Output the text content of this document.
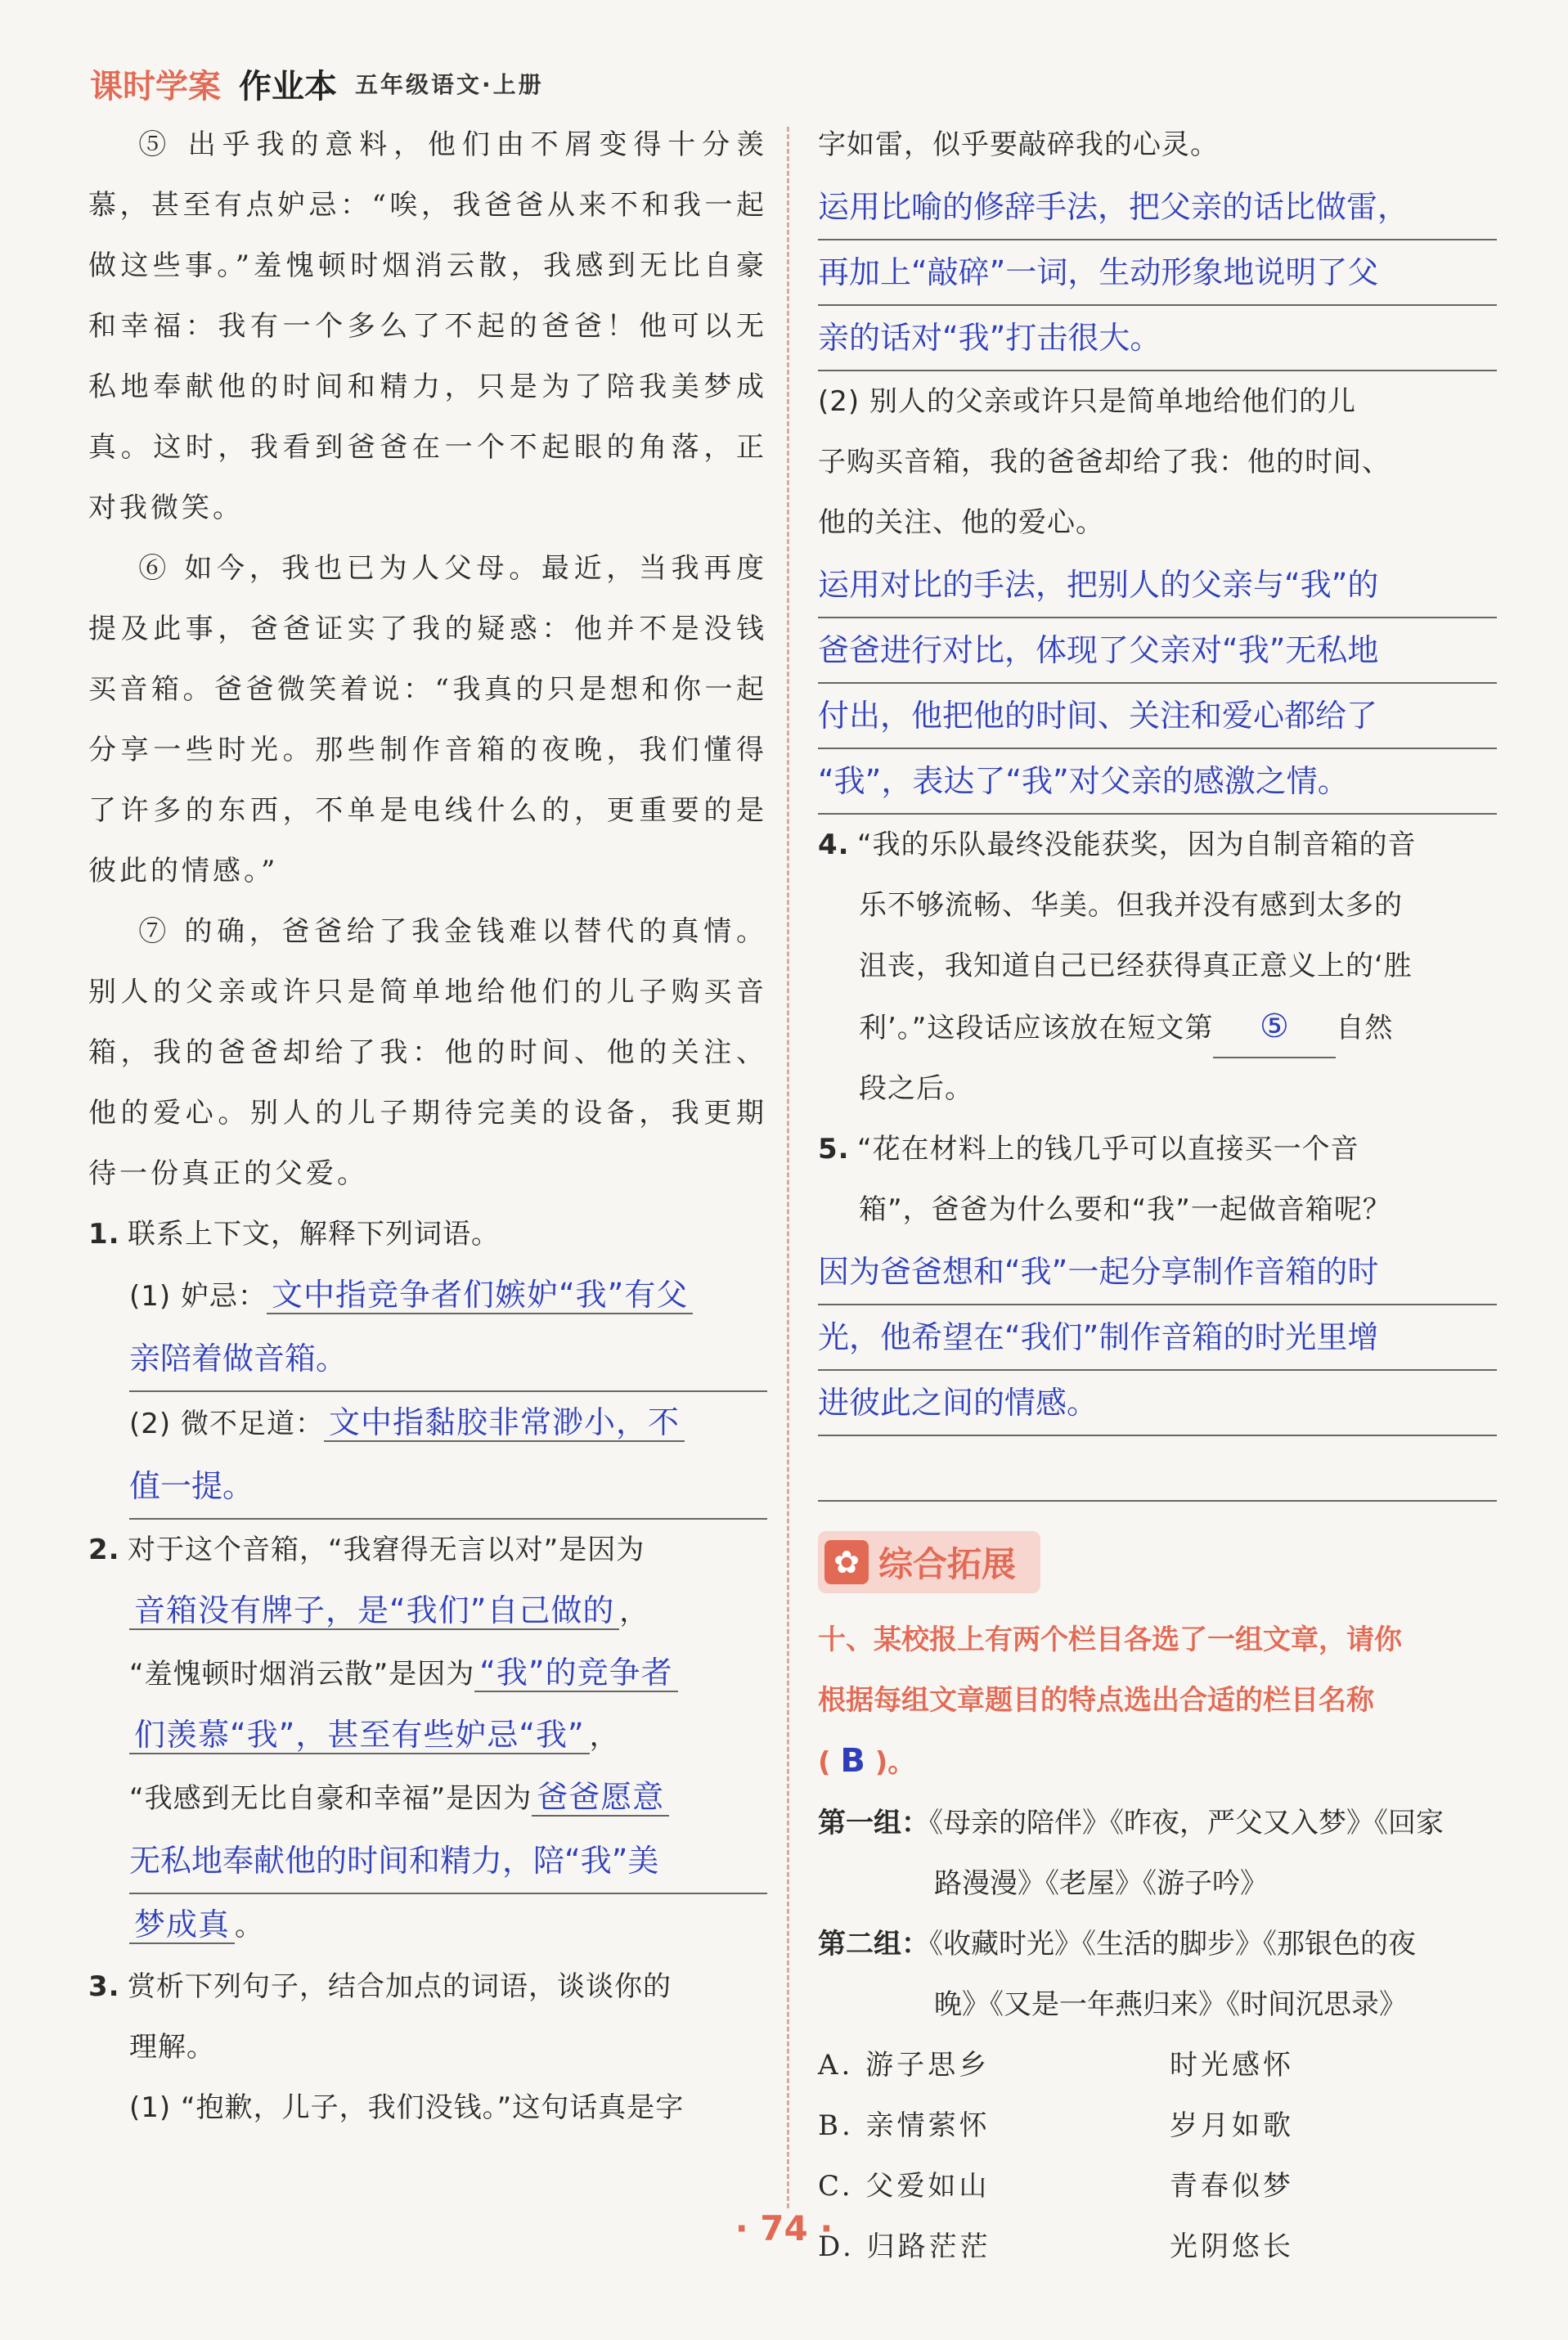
课时学案 作业本 五年级语文·上册

⑤ 出乎我的意料，他们由不屑变得十分羡慕，甚至有点妒忌：“唉，我爸爸从来不和我一起做这些事。”羞愧顿时烟消云散，我感到无比自豪和幸福：我有一个多么了不起的爸爸！他可以无私地奉献他的时间和精力，只是为了陪我美梦成真。这时，我看到爸爸在一个不起眼的角落，正对我微笑。

⑥ 如今，我也已为人父母。最近，当我再度提及此事，爸爸证实了我的疑惑：他并不是没钱买音箱。爸爸微笑着说：“我真的只是想和你一起分享一些时光。那些制作音箱的夜晚，我们懂得了许多的东西，不单是电线什么的，更重要的是彼此的情感。”

⑦ 的确，爸爸给了我金钱难以替代的真情。别人的父亲或许只是简单地给他们的儿子购买音箱，我的爸爸却给了我：他的时间、他的关注、他的爱心。别人的儿子期待完美的设备，我更期待一份真正的父爱。

1. 联系上下文，解释下列词语。

(1) 妒忌： 文中指竞争者们嫉妒“我”有父

亲陪着做音箱。

(2) 微不足道： 文中指黏胶非常渺小，不

值一提。

2. 对于这个音箱，“我窘得无言以对”是因为

音箱没有牌子，是“我们”自己做的 ，

“羞愧顿时烟消云散”是因为 “我”的竞争者

们羡慕“我”，甚至有些妒忌“我” ，

“我感到无比自豪和幸福”是因为 爸爸愿意

无私地奉献他的时间和精力，陪“我”美

梦成真 。

3. 赏析下列句子，结合加点的词语，谈谈你的

理解。

(1) “抱歉，儿子，我们没钱。”这句话真是字

字如雷，似乎要敲碎我的心灵。

运用比喻的修辞手法，把父亲的话比做雷，
再加上“敲碎”一词，生动形象地说明了父
亲的话对“我”打击很大。

(2) 别人的父亲或许只是简单地给他们的儿

子购买音箱，我的爸爸却给了我：他的时间、

他的关注、他的爱心。

运用对比的手法，把别人的父亲与“我”的
爸爸进行对比，体现了父亲对“我”无私地
付出，他把他的时间、关注和爱心都给了
“我”，表达了“我”对父亲的感激之情。

4. “我的乐队最终没能获奖，因为自制音箱的音

乐不够流畅、华美。但我并没有感到太多的

沮丧，我知道自己已经获得真正意义上的‘胜

利’。”这段话应该放在短文第 ⑤ 自然

段之后。

5. “花在材料上的钱几乎可以直接买一个音

箱”，爸爸为什么要和“我”一起做音箱呢？

因为爸爸想和“我”一起分享制作音箱的时
光，他希望在“我们”制作音箱的时光里增
进彼此之间的情感。
✿ 综合拓展

十、某校报上有两个栏目各选了一组文章，请你

根据每组文章题目的特点选出合适的栏目名称

( B )。

第一组：《母亲的陪伴》《昨夜，严父又入梦》《回家
路漫漫》《老屋》《游子吟》
第二组：《收藏时光》《生活的脚步》《那银色的夜
晚》《又是一年燕归来》《时间沉思录》
A. 游子思乡	时光感怀
B. 亲情萦怀	岁月如歌
C. 父爱如山	青春似梦
D. 归路茫茫	光阴悠长
· 74 ·
